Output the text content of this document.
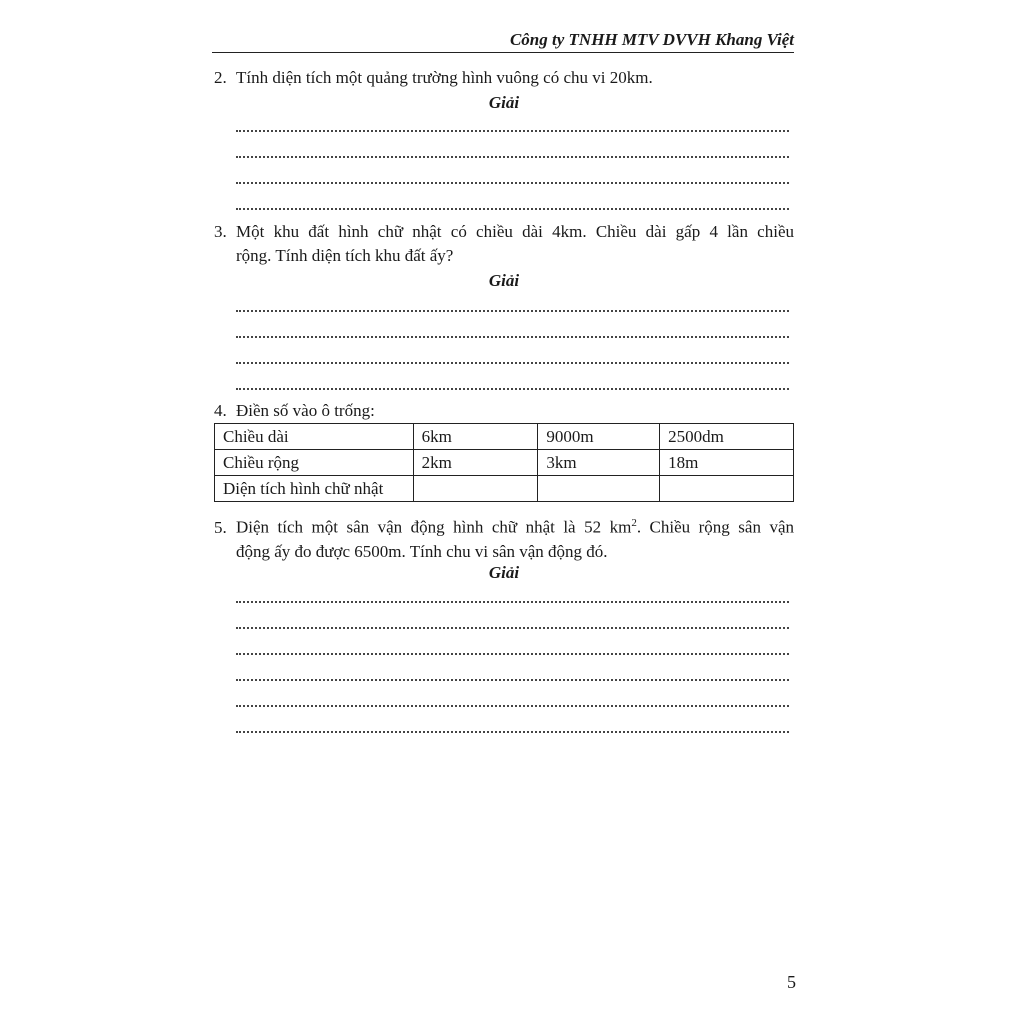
Công ty TNHH MTV DVVH Khang Việt
2. Tính diện tích một quảng trường hình vuông có chu vi 20km.
Giải
3. Một khu đất hình chữ nhật có chiều dài 4km. Chiều dài gấp 4 lần chiều
rộng. Tính diện tích khu đất ấy?
Giải
4. Điền số vào ô trống:
Chiều dài	6km	9000m	2500dm
Chiều rộng	2km	3km	18m
Diện tích hình chữ nhật			
5. Diện tích một sân vận động hình chữ nhật là 52 $km^2$. Chiều rộng sân vận
động ấy đo được 6500m. Tính chu vi sân vận động đó.
Giải
5
